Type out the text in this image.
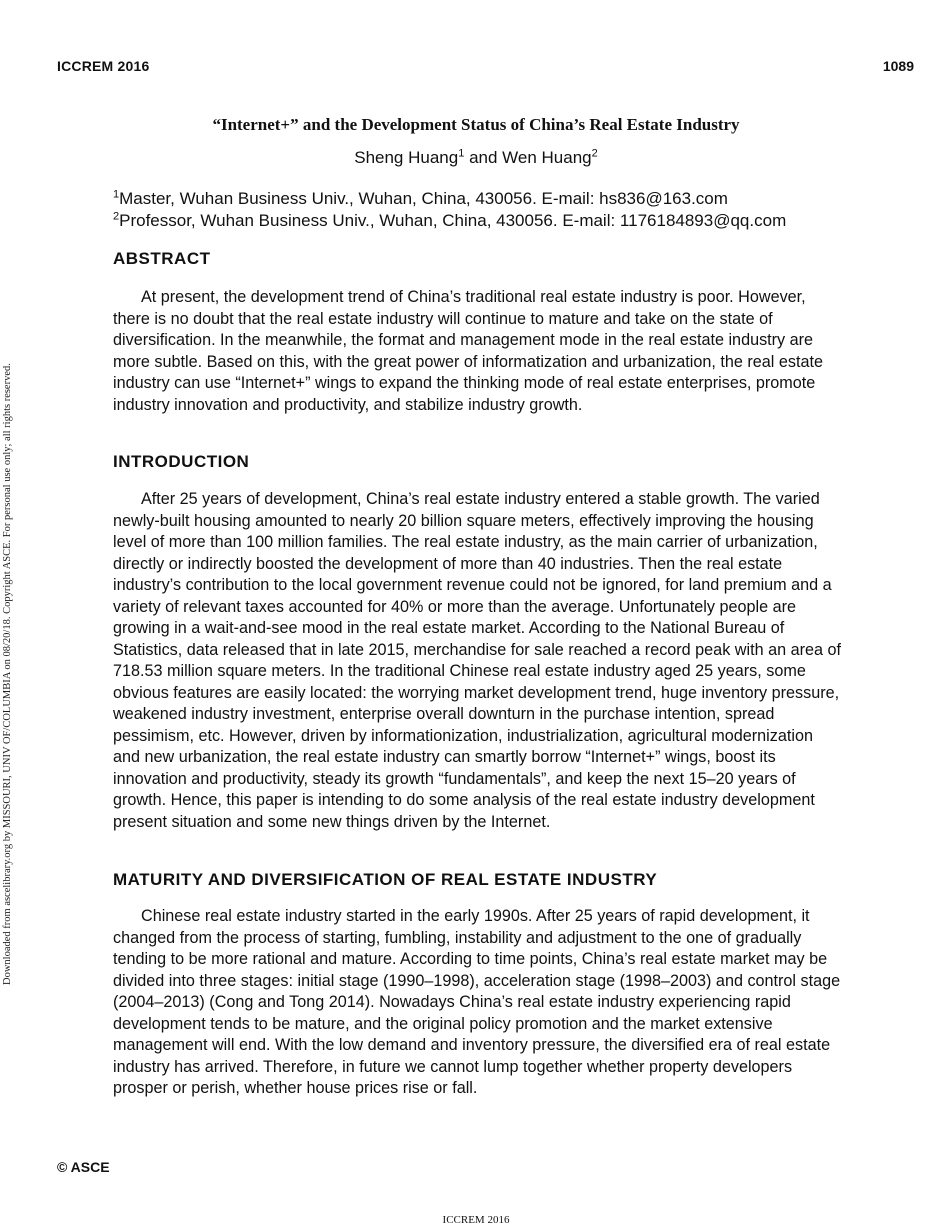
ICCREM 2016	1089
“Internet+” and the Development Status of China’s Real Estate Industry
Sheng Huang$^1$ and Wen Huang$^2$
$^1$Master, Wuhan Business Univ., Wuhan, China, 430056. E-mail: hs836@163.com
$^2$Professor, Wuhan Business Univ., Wuhan, China, 430056. E-mail: 1176184893@qq.com
ABSTRACT

At present, the development trend of China’s traditional real estate industry is poor. However, there is no doubt that the real estate industry will continue to mature and take on the state of diversification. In the meanwhile, the format and management mode in the real estate industry are more subtle. Based on this, with the great power of informatization and urbanization, the real estate industry can use “Internet+” wings to expand the thinking mode of real estate enterprises, promote industry innovation and productivity, and stabilize industry growth.

INTRODUCTION

After 25 years of development, China’s real estate industry entered a stable growth. The varied newly-built housing amounted to nearly 20 billion square meters, effectively improving the housing level of more than 100 million families. The real estate industry, as the main carrier of urbanization, directly or indirectly boosted the development of more than 40 industries. Then the real estate industry’s contribution to the local government revenue could not be ignored, for land premium and a variety of relevant taxes accounted for 40% or more than the average. Unfortunately people are growing in a wait-and-see mood in the real estate market. According to the National Bureau of Statistics, data released that in late 2015, merchandise for sale reached a record peak with an area of 718.53 million square meters. In the traditional Chinese real estate industry aged 25 years, some obvious features are easily located: the worrying market development trend, huge inventory pressure, weakened industry investment, enterprise overall downturn in the purchase intention, spread pessimism, etc. However, driven by informationization, industrialization, agricultural modernization and new urbanization, the real estate industry can smartly borrow “Internet+” wings, boost its innovation and productivity, steady its growth “fundamentals”, and keep the next 15–20 years of growth. Hence, this paper is intending to do some analysis of the real estate industry development present situation and some new things driven by the Internet.

MATURITY AND DIVERSIFICATION OF REAL ESTATE INDUSTRY

Chinese real estate industry started in the early 1990s. After 25 years of rapid development, it changed from the process of starting, fumbling, instability and adjustment to the one of gradually tending to be more rational and mature. According to time points, China’s real estate market may be divided into three stages: initial stage (1990–1998), acceleration stage (1998–2003) and control stage (2004–2013) (Cong and Tong 2014). Nowadays China’s real estate industry experiencing rapid development tends to be mature, and the original policy promotion and the market extensive management will end. With the low demand and inventory pressure, the diversified era of real estate industry has arrived. Therefore, in future we cannot lump together whether property developers prosper or perish, whether house prices rise or fall.

Downloaded from ascelibrary.org by MISSOURI, UNIV OF/COLUMBIA on 08/20/18. Copyright ASCE. For personal use only; all rights reserved.
© ASCE
ICCREM 2016
